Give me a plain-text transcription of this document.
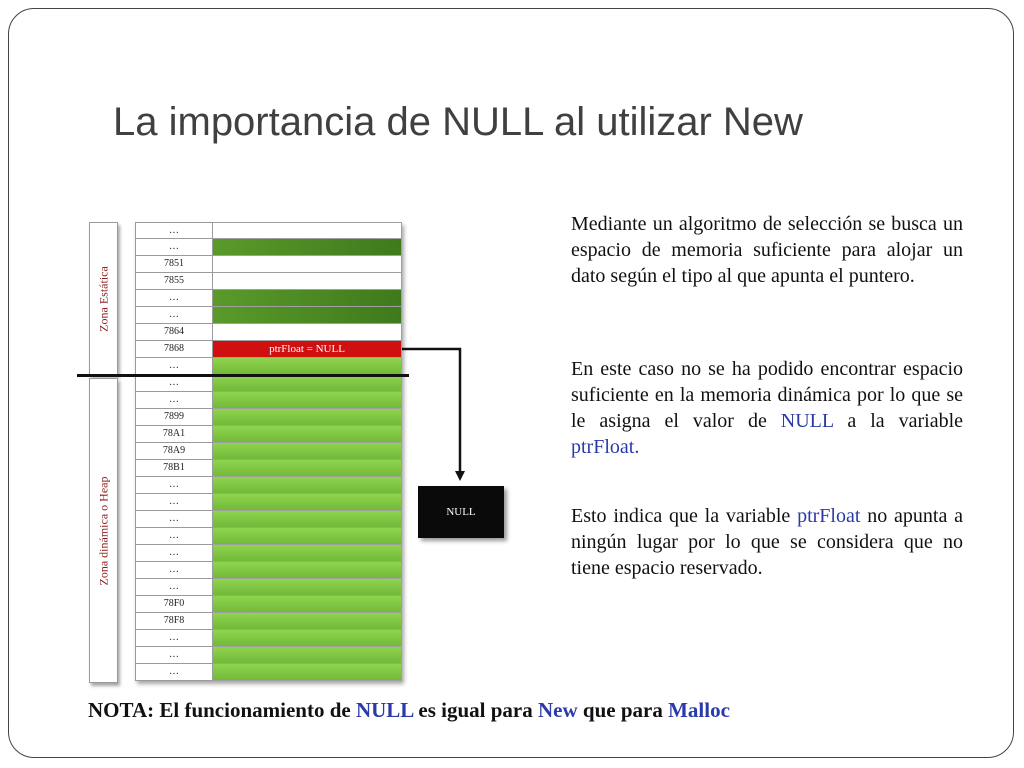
La importancia de NULL al utilizar New
Zona Estática
Zona dinámica o Heap
…
…
7851
7855
…
…
7864
7868	ptrFloat = NULL
…
…
…
7899
78A1
78A9
78B1
…
…
…
…
…
…
…
78F0
78F8
…
…
…
NULL
Mediante un algoritmo de selección se busca un espacio de memoria suficiente para alojar un dato según el tipo al que apunta el puntero.
En este caso no se ha podido encontrar espacio suficiente en la memoria dinámica por lo que se le asigna el valor de NULL a la variable ptrFloat.
Esto indica que la variable ptrFloat no apunta a ningún lugar por lo que se considera que no tiene espacio reservado.
NOTA: El funcionamiento de NULL es igual para New que para Malloc
